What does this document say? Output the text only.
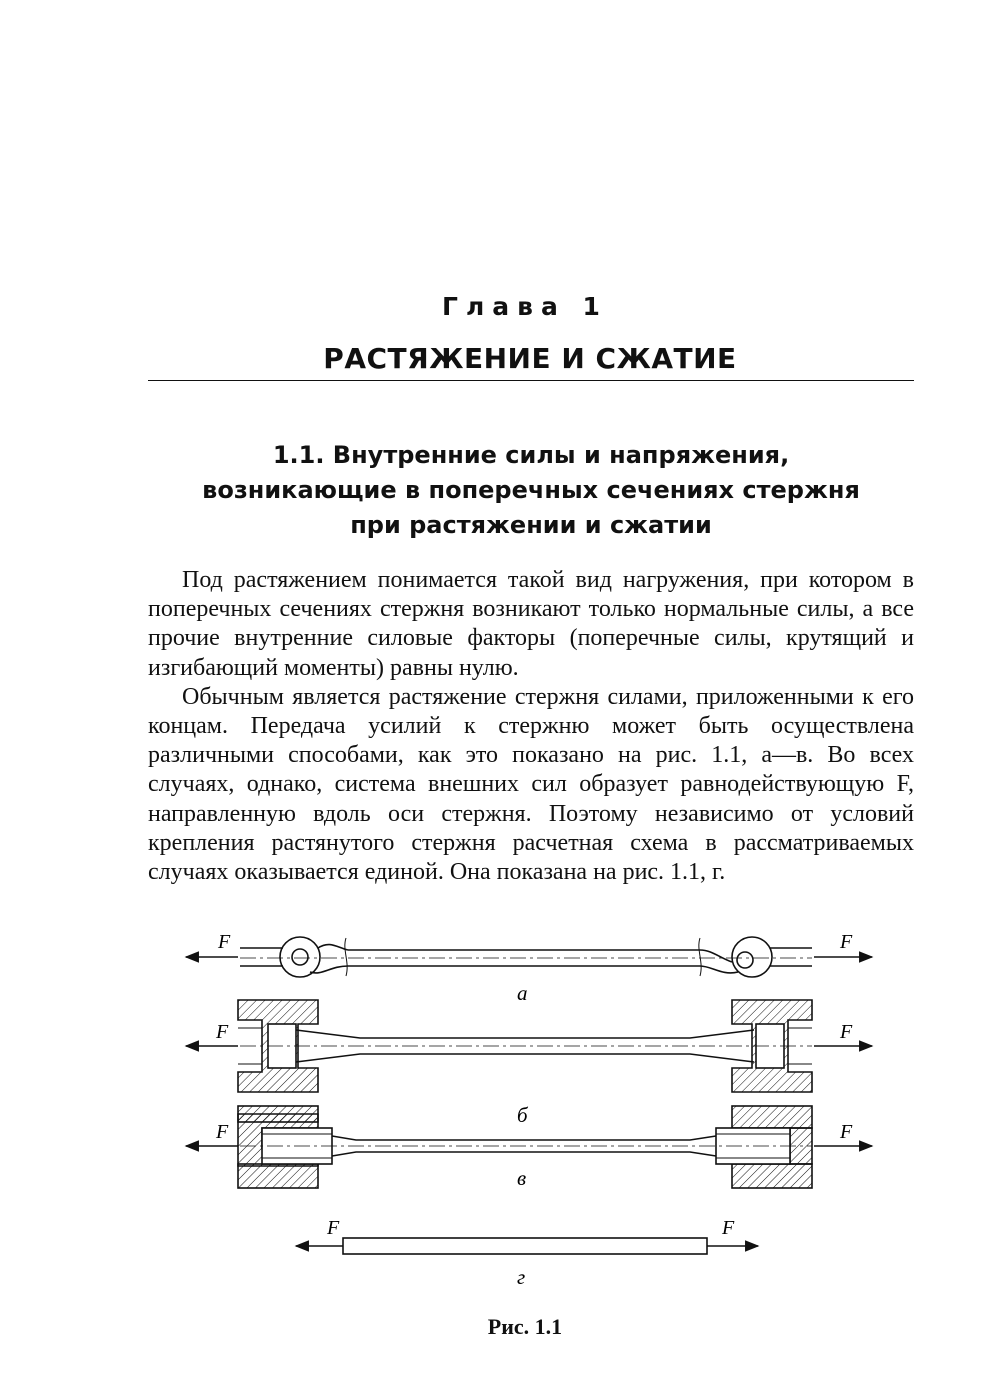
Глава 1
РАСТЯЖЕНИЕ И СЖАТИЕ
1.1. Внутренние силы и напряжения,
возникающие в поперечных сечениях стержня
при растяжении и сжатии

Под растяжением понимается такой вид нагружения, при котором в поперечных сечениях стержня возникают только нормальные силы, а все прочие внутренние силовые факторы (поперечные силы, крутящий и изгибающий моменты) равны нулю.

Обычным является растяжение стержня силами, приложенными к его концам. Передача усилий к стержню может быть осуществлена различными способами, как это показано на рис. 1.1, а—в. Во всех случаях, однако, система внешних сил образует равнодействующую F, направленную вдоль оси стержня. Поэтому независимо от условий крепления растянутого стержня расчетная схема в рассматриваемых случаях оказывается единой. Она показана на рис. 1.1, г.

F	F
а
F	F
б
F	F
в
F	F
г
Рис. 1.1
